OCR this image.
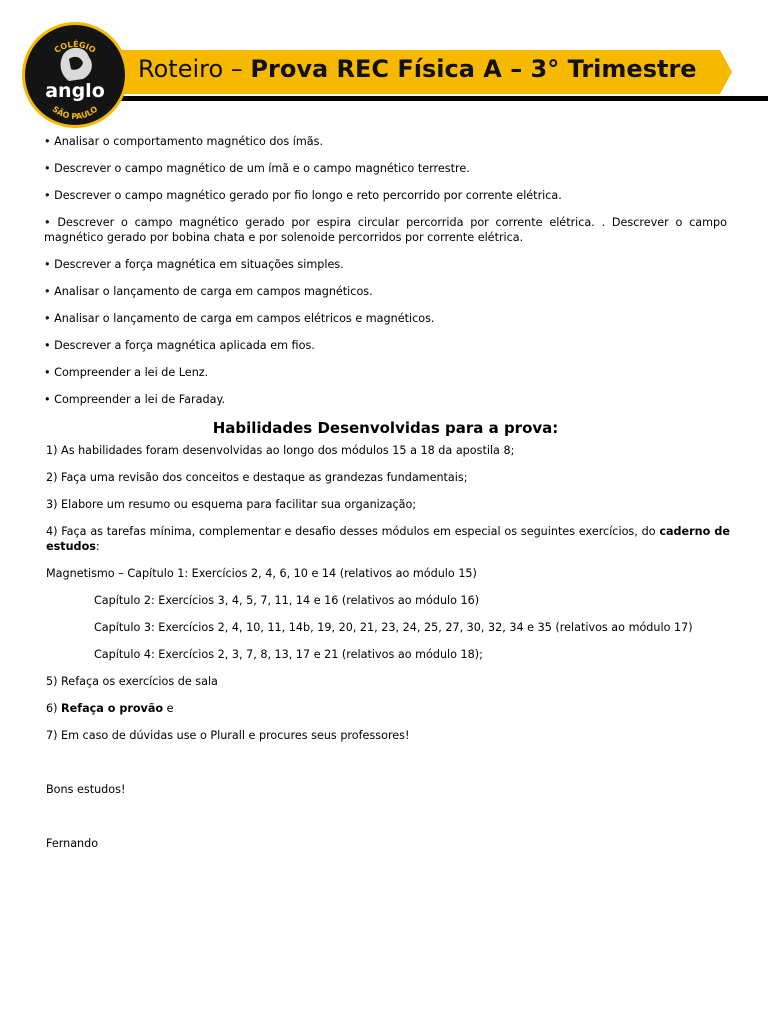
COLÉGIO
anglo
SÃO PAULO
Roteiro – Prova REC Física A – 3° Trimestre
• Analisar o comportamento magnético dos ímãs.
• Descrever o campo magnético de um ímã e o campo magnético terrestre.
• Descrever o campo magnético gerado por fio longo e reto percorrido por corrente elétrica.
• Descrever o campo magnético gerado por espira circular percorrida por corrente elétrica. . Descrever o campo magnético gerado por bobina chata e por solenoide percorridos por corrente elétrica.
• Descrever a força magnética em situações simples.
• Analisar o lançamento de carga em campos magnéticos.
• Analisar o lançamento de carga em campos elétricos e magnéticos.
• Descrever a força magnética aplicada em fios.
• Compreender a lei de Lenz.
• Compreender a lei de Faraday.
Habilidades Desenvolvidas para a prova:
1) As habilidades foram desenvolvidas ao longo dos módulos 15 a 18 da apostila 8;
2) Faça uma revisão dos conceitos e destaque as grandezas fundamentais;
3) Elabore um resumo ou esquema para facilitar sua organização;
4) Faça as tarefas mínima, complementar e desafio desses módulos em especial os seguintes exercícios, do caderno de estudos:
Magnetismo – Capítulo 1: Exercícios 2, 4, 6, 10 e 14 (relativos ao módulo 15)
Capítulo 2: Exercícios 3, 4, 5, 7, 11, 14 e 16 (relativos ao módulo 16)
Capítulo 3: Exercícios 2, 4, 10, 11, 14b, 19, 20, 21, 23, 24, 25, 27, 30, 32, 34 e 35 (relativos ao módulo 17)
Capítulo 4: Exercícios 2, 3, 7, 8, 13, 17 e 21 (relativos ao módulo 18);
5) Refaça os exercícios de sala
6) Refaça o provão e
7) Em caso de dúvidas use o Plurall e procures seus professores!
Bons estudos!
Fernando
